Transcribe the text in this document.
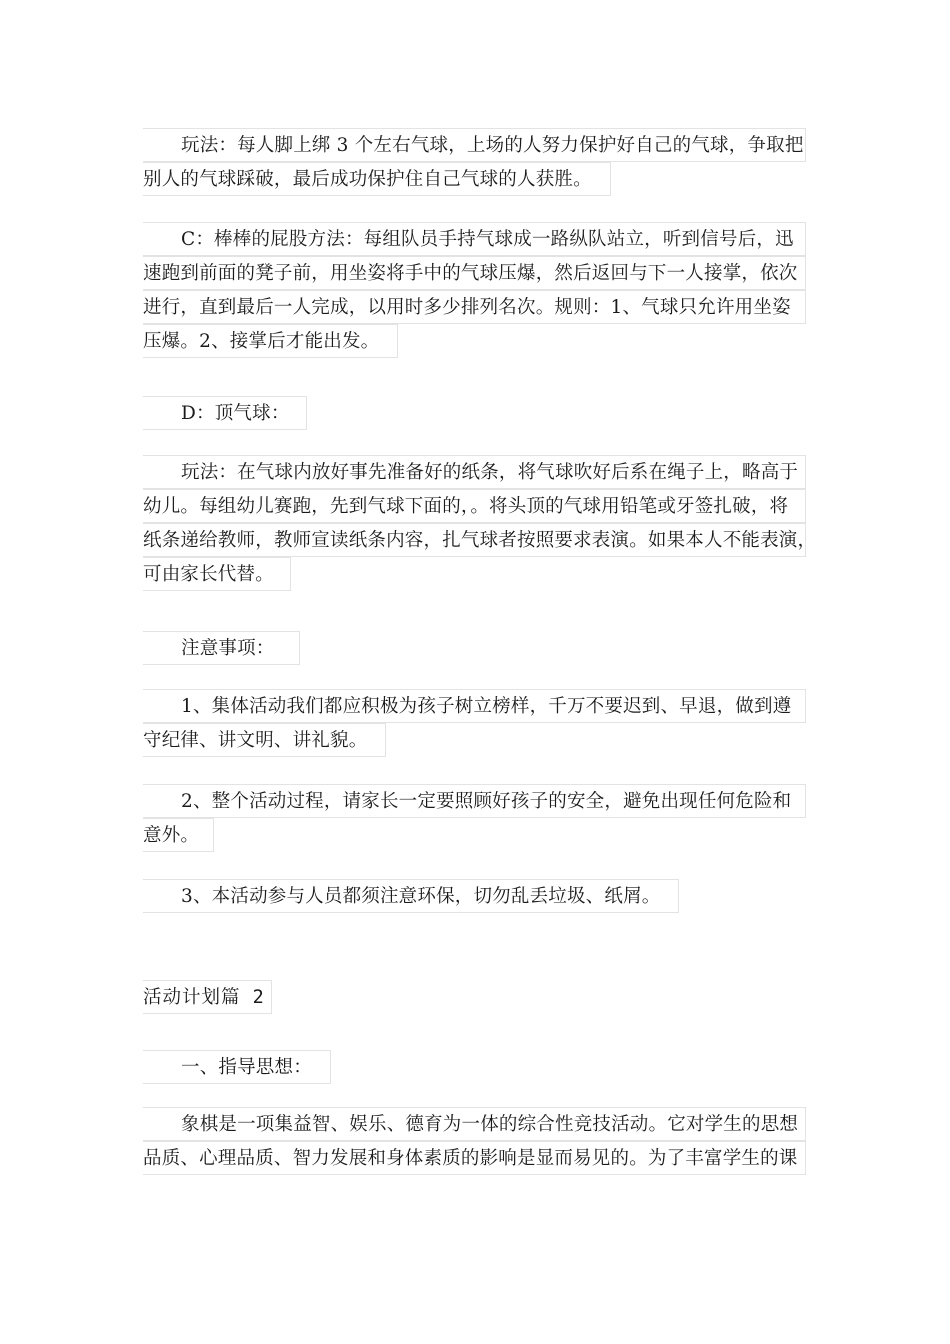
玩法：每人脚上绑 3 个左右气球，上场的人努力保护好自己的气球，争取把
别人的气球踩破，最后成功保护住自己气球的人获胜。
C：棒棒的屁股方法：每组队员手持气球成一路纵队站立，听到信号后，迅
速跑到前面的凳子前，用坐姿将手中的气球压爆，然后返回与下一人接掌，依次
进行，直到最后一人完成，以用时多少排列名次。规则：1、气球只允许用坐姿
压爆。2、接掌后才能出发。
D：顶气球：
玩法：在气球内放好事先准备好的纸条，将气球吹好后系在绳子上，略高于
幼儿。每组幼儿赛跑，先到气球下面的，。将头顶的气球用铅笔或牙签扎破，将
纸条递给教师，教师宣读纸条内容，扎气球者按照要求表演。如果本人不能表演，
可由家长代替。
注意事项：
1、集体活动我们都应积极为孩子树立榜样，千万不要迟到、早退，做到遵
守纪律、讲文明、讲礼貌。
2、整个活动过程，请家长一定要照顾好孩子的安全，避免出现任何危险和
意外。
3、本活动参与人员都须注意环保，切勿乱丢垃圾、纸屑。
活动计划篇 2
一、指导思想：
象棋是一项集益智、娱乐、德育为一体的综合性竞技活动。它对学生的思想
品质、心理品质、智力发展和身体素质的影响是显而易见的。为了丰富学生的课
